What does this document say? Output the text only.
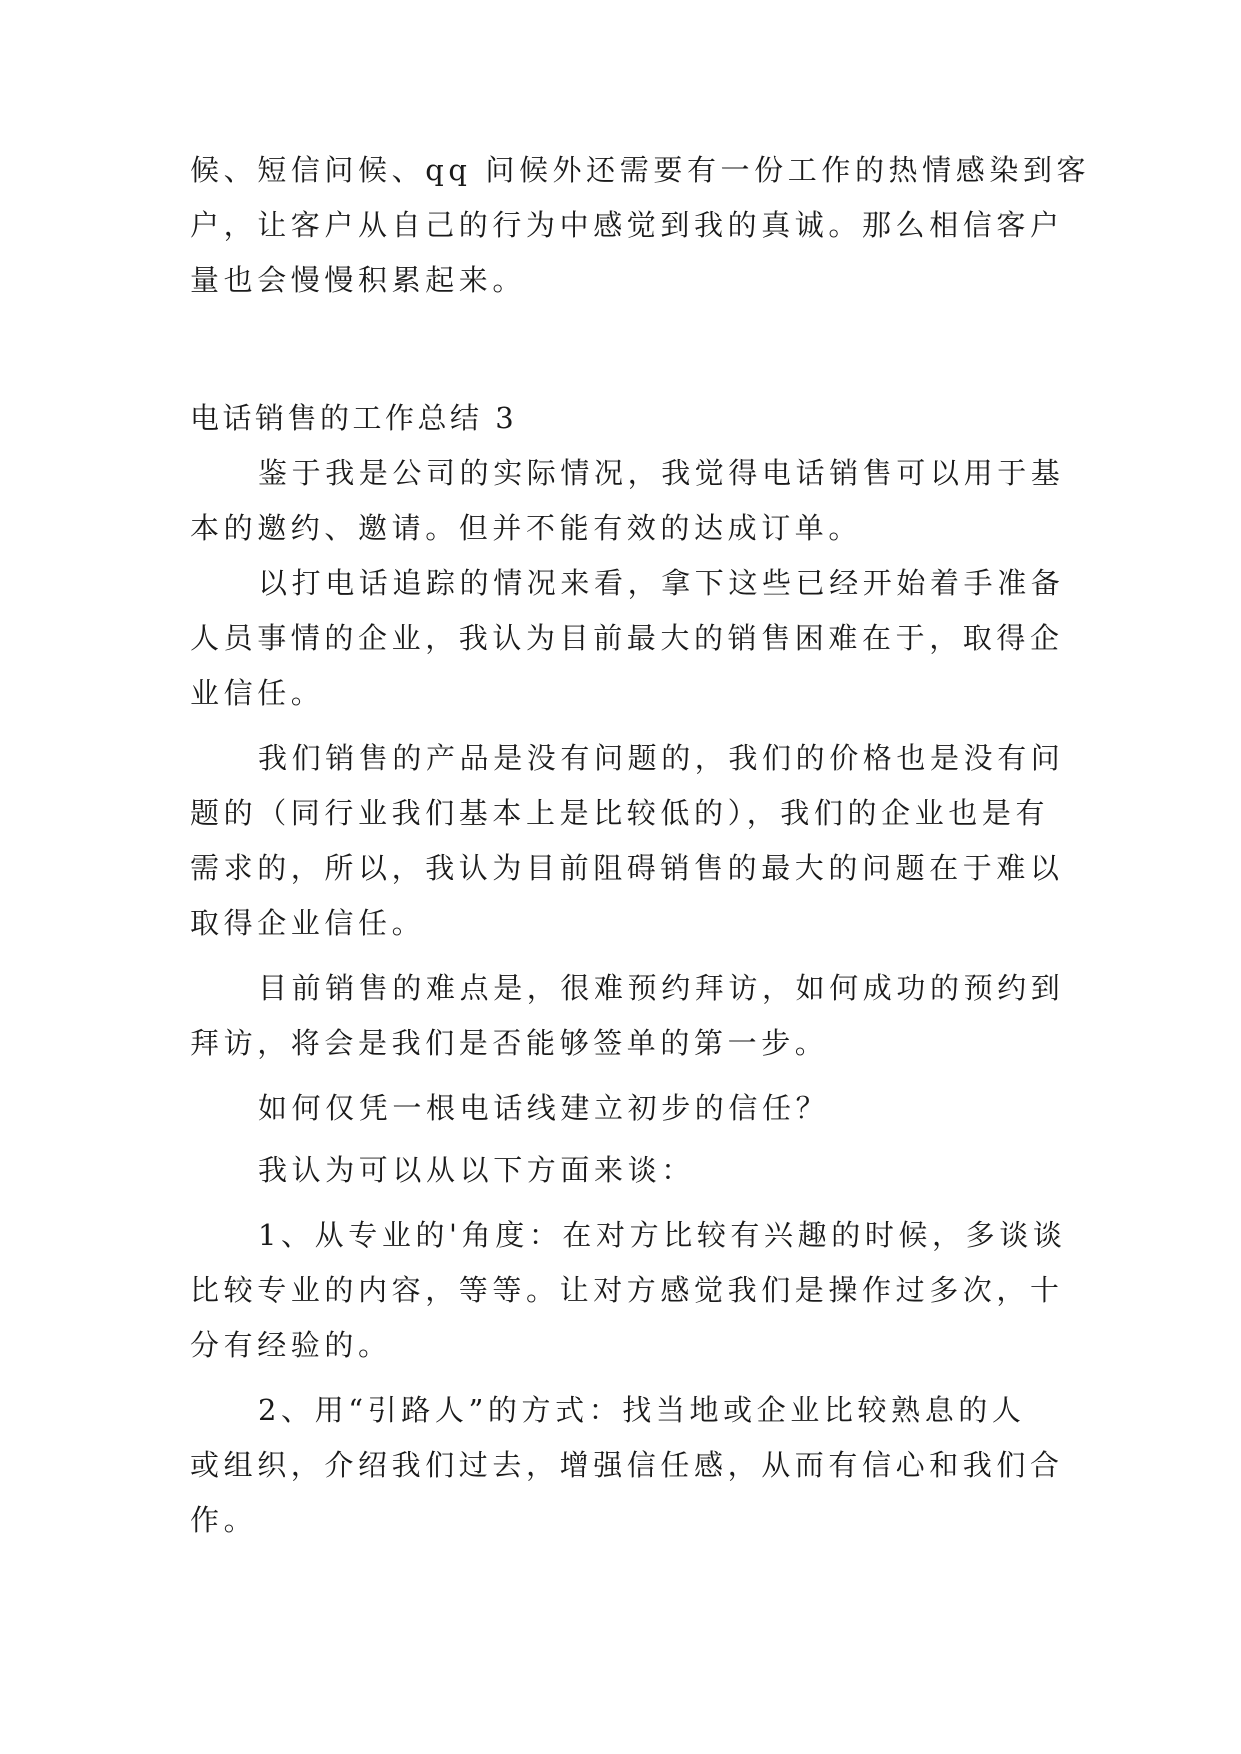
候、短信问候、qq 问候外还需要有一份工作的热情感染到客
户，让客户从自己的行为中感觉到我的真诚。那么相信客户
量也会慢慢积累起来。
电话销售的工作总结 3
鉴于我是公司的实际情况，我觉得电话销售可以用于基
本的邀约、邀请。但并不能有效的达成订单。
以打电话追踪的情况来看，拿下这些已经开始着手准备
人员事情的企业，我认为目前最大的销售困难在于，取得企
业信任。
我们销售的产品是没有问题的，我们的价格也是没有问
题的（同行业我们基本上是比较低的），我们的企业也是有
需求的，所以，我认为目前阻碍销售的最大的问题在于难以
取得企业信任。
目前销售的难点是，很难预约拜访，如何成功的预约到
拜访，将会是我们是否能够签单的第一步。
如何仅凭一根电话线建立初步的信任？
我认为可以从以下方面来谈：
1、从专业的'角度：在对方比较有兴趣的时候，多谈谈
比较专业的内容，等等。让对方感觉我们是操作过多次，十
分有经验的。
2、用“引路人”的方式：找当地或企业比较熟息的人
或组织，介绍我们过去，增强信任感，从而有信心和我们合
作。
